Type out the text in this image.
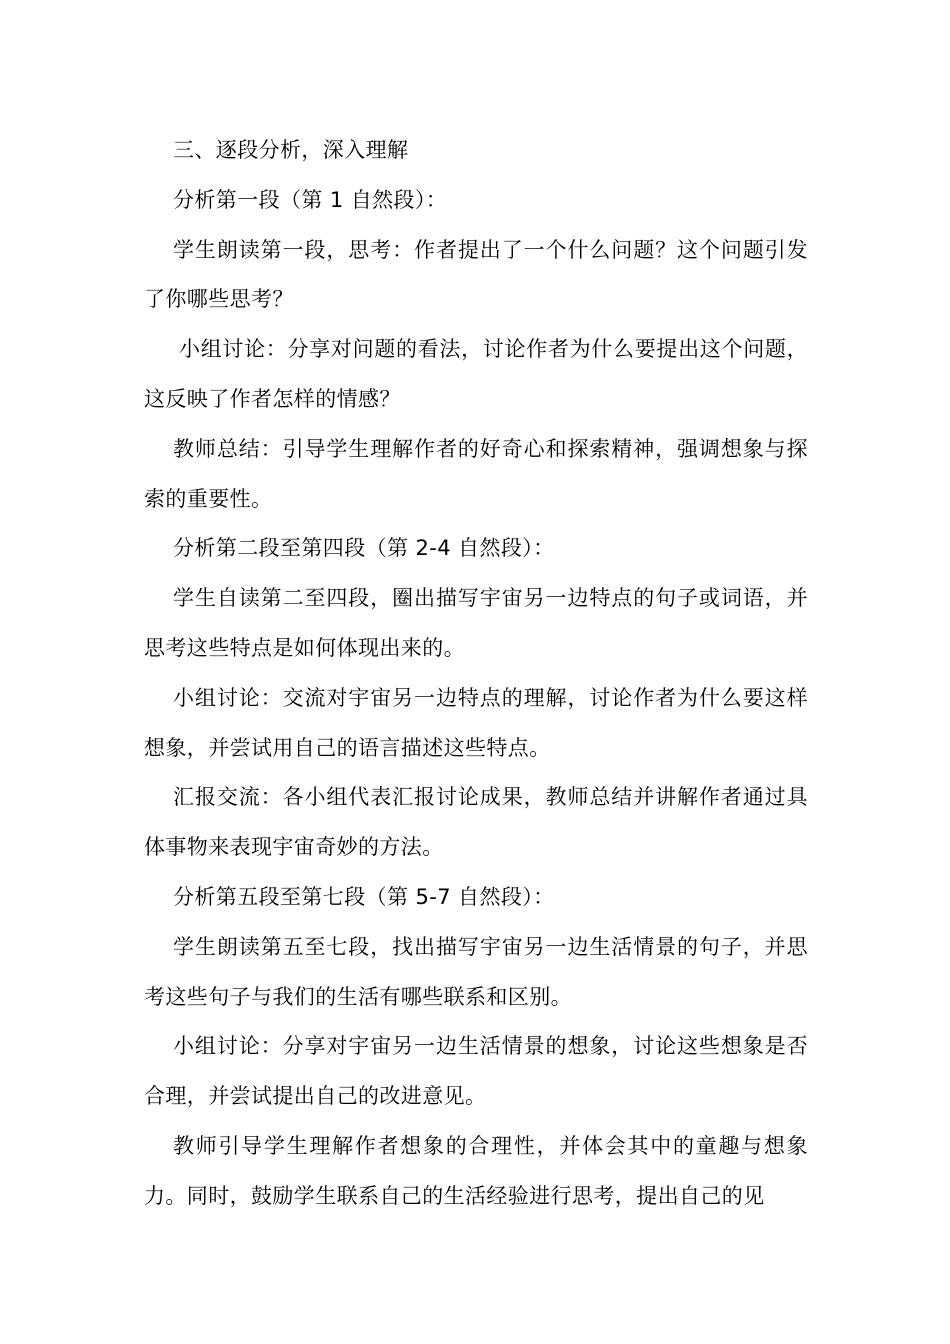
三、逐段分析，深入理解

分析第一段（第 1 自然段）：

学生朗读第一段，思考：作者提出了一个什么问题？这个问题引发了你哪些思考？

小组讨论：分享对问题的看法，讨论作者为什么要提出这个问题，这反映了作者怎样的情感？

教师总结：引导学生理解作者的好奇心和探索精神，强调想象与探索的重要性。

分析第二段至第四段（第 2-4 自然段）：

学生自读第二至四段，圈出描写宇宙另一边特点的句子或词语，并思考这些特点是如何体现出来的。

小组讨论：交流对宇宙另一边特点的理解，讨论作者为什么要这样想象，并尝试用自己的语言描述这些特点。

汇报交流：各小组代表汇报讨论成果，教师总结并讲解作者通过具体事物来表现宇宙奇妙的方法。

分析第五段至第七段（第 5-7 自然段）：

学生朗读第五至七段，找出描写宇宙另一边生活情景的句子，并思考这些句子与我们的生活有哪些联系和区别。

小组讨论：分享对宇宙另一边生活情景的想象，讨论这些想象是否合理，并尝试提出自己的改进意见。

教师引导学生理解作者想象的合理性，并体会其中的童趣与想象力。同时，鼓励学生联系自己的生活经验进行思考，提出自己的见
